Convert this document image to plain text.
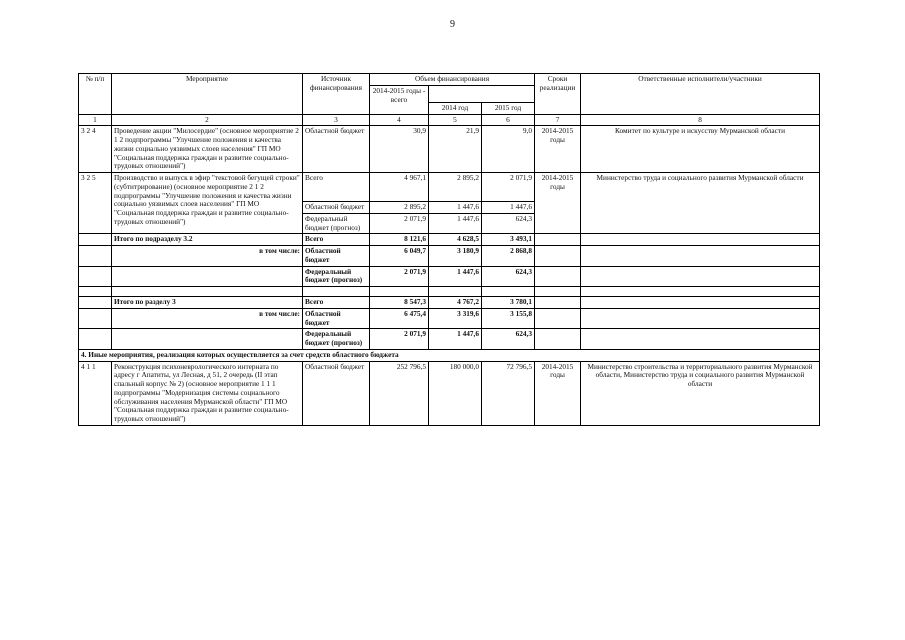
9
№ п/п	Мероприятие	Источник финансирования	Объем финансирования			Сроки реализации	Ответственные исполнители/участники
			2014-2015 годы - всего				
				2014 год	2015 год		
1	2	3	4	5	6	7	8
3 2 4	Проведение акции "Милосердие" (основное мероприятие 2 1 2 подпрограммы "Улучшение положения и качества жизни социально уязвимых слоев населения" ГП МО "Социальная поддержка граждан и развитие социально-трудовых отношений")	Областной бюджет	30,9	21,9	9,0	2014-2015 годы	Комитет по культуре и искусству Мурманской области
3 2 5	Производство и выпуск в эфир "текстовой бегущей строки" (субтитрирование) (основное мероприятие 2 1 2 подпрограммы "Улучшение положения и качества жизни социально уязвимых слоев населения" ГП МО "Социальная поддержка граждан и развитие социально-трудовых отношений")	Всего	4 967,1	2 895,2	2 071,9	2014-2015 годы	Министерство труда и социального развития Мурманской области
		Областной бюджет	2 895,2	1 447,6	1 447,6		
		Федеральный бюджет (прогноз)	2 071,9	1 447,6	624,3		
	Итого по подразделу 3.2	Всего	8 121,6	4 628,5	3 493,1		
	в том числе:	Областной бюджет	6 049,7	3 180,9	2 868,8		
		Федеральный бюджет (прогноз)	2 071,9	1 447,6	624,3		

	Итого по разделу 3	Всего	8 547,3	4 767,2	3 780,1		
	в том числе:	Областной бюджет	6 475,4	3 319,6	3 155,8		
		Федеральный бюджет (прогноз)	2 071,9	1 447,6	624,3		
4. Иные мероприятия, реализация которых осуществляется за счет средств областного бюджета							
4 1 1	Реконструкция психоневрологического интерната по адресу г Апатиты, ул Лесная, д 51, 2 очередь (II этап спальный корпус № 2) (основное мероприятие 1 1 1 подпрограммы "Модернизация системы социального обслуживания населения Мурманской области" ГП МО "Социальная поддержка граждан и развитие социально-трудовых отношений")	Областной бюджет	252 796,5	180 000,0	72 796,5	2014-2015 годы	Министерство строительства и территориального развития Мурманской области, Министерство труда и социального развития Мурманской области
